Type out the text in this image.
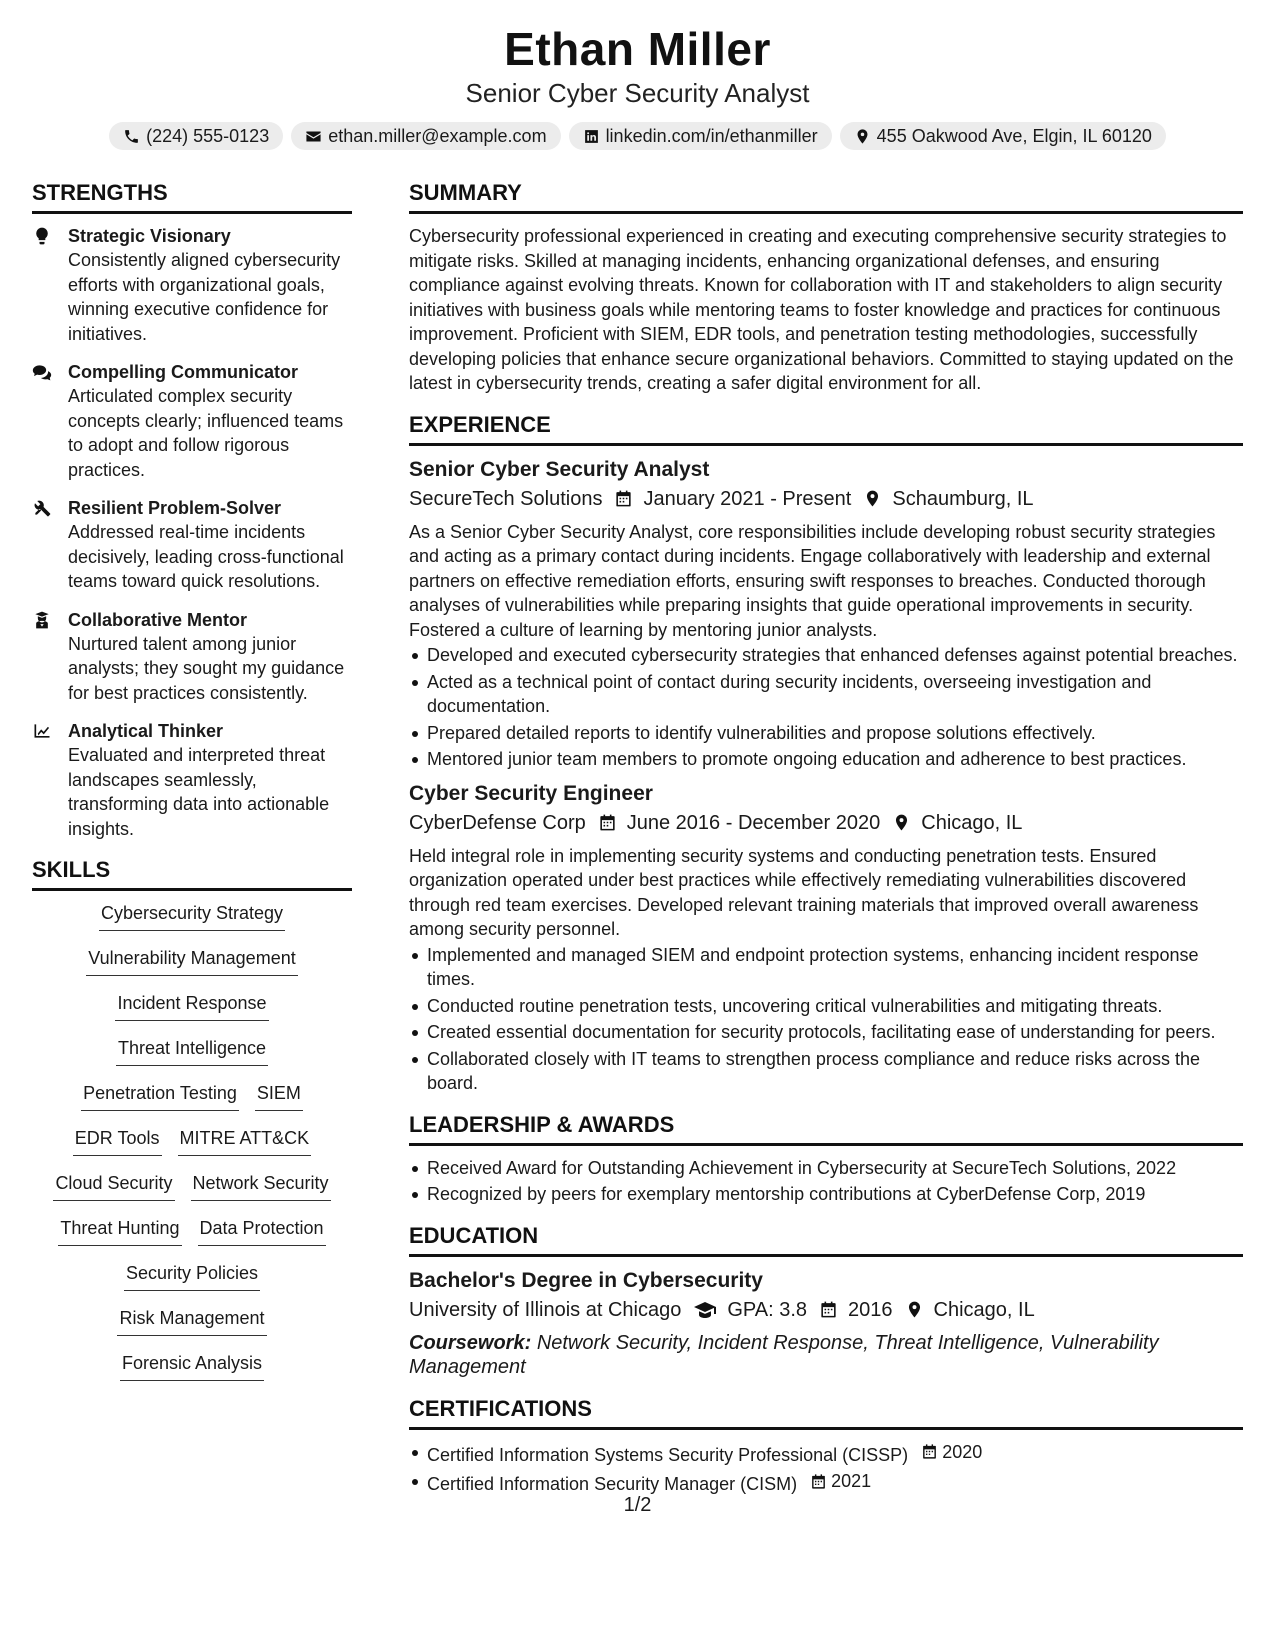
Ethan Miller
Senior Cyber Security Analyst
(224) 555-0123	ethan.miller@example.com	linkedin.com/in/ethanmiller	455 Oakwood Ave, Elgin, IL 60120
STRENGTHS
Strategic Visionary
Consistently aligned cybersecurity efforts with organizational goals, winning executive confidence for initiatives.
Compelling Communicator
Articulated complex security concepts clearly; influenced teams to adopt and follow rigorous practices.
Resilient Problem-Solver
Addressed real-time incidents decisively, leading cross-functional teams toward quick resolutions.
Collaborative Mentor
Nurtured talent among junior analysts; they sought my guidance for best practices consistently.
Analytical Thinker
Evaluated and interpreted threat landscapes seamlessly, transforming data into actionable insights.
SKILLS
Cybersecurity Strategy
Vulnerability Management
Incident Response
Threat Intelligence
Penetration Testing SIEM
EDR Tools MITRE ATT&CK
Cloud Security Network Security
Threat Hunting Data Protection
Security Policies
Risk Management
Forensic Analysis
SUMMARY
Cybersecurity professional experienced in creating and executing comprehensive security strategies to mitigate risks. Skilled at managing incidents, enhancing organizational defenses, and ensuring compliance against evolving threats. Known for collaboration with IT and stakeholders to align security initiatives with business goals while mentoring teams to foster knowledge and practices for continuous improvement. Proficient with SIEM, EDR tools, and penetration testing methodologies, successfully developing policies that enhance secure organizational behaviors. Committed to staying updated on the latest in cybersecurity trends, creating a safer digital environment for all.
EXPERIENCE
Senior Cyber Security Analyst
SecureTech Solutions January 2021 - Present Schaumburg, IL
As a Senior Cyber Security Analyst, core responsibilities include developing robust security strategies and acting as a primary contact during incidents. Engage collaboratively with leadership and external partners on effective remediation efforts, ensuring swift responses to breaches. Conducted thorough analyses of vulnerabilities while preparing insights that guide operational improvements in security. Fostered a culture of learning by mentoring junior analysts.
Developed and executed cybersecurity strategies that enhanced defenses against potential breaches.
Acted as a technical point of contact during security incidents, overseeing investigation and documentation.
Prepared detailed reports to identify vulnerabilities and propose solutions effectively.
Mentored junior team members to promote ongoing education and adherence to best practices.
Cyber Security Engineer
CyberDefense Corp June 2016 - December 2020 Chicago, IL
Held integral role in implementing security systems and conducting penetration tests. Ensured organization operated under best practices while effectively remediating vulnerabilities discovered through red team exercises. Developed relevant training materials that improved overall awareness among security personnel.
Implemented and managed SIEM and endpoint protection systems, enhancing incident response times.
Conducted routine penetration tests, uncovering critical vulnerabilities and mitigating threats.
Created essential documentation for security protocols, facilitating ease of understanding for peers.
Collaborated closely with IT teams to strengthen process compliance and reduce risks across the board.
LEADERSHIP & AWARDS
Received Award for Outstanding Achievement in Cybersecurity at SecureTech Solutions, 2022
Recognized by peers for exemplary mentorship contributions at CyberDefense Corp, 2019
EDUCATION
Bachelor's Degree in Cybersecurity
University of Illinois at Chicago GPA: 3.8 2016 Chicago, IL
Coursework: Network Security, Incident Response, Threat Intelligence, Vulnerability Management
CERTIFICATIONS
Certified Information Systems Security Professional (CISSP) 2020
Certified Information Security Manager (CISM) 2021
1/2
